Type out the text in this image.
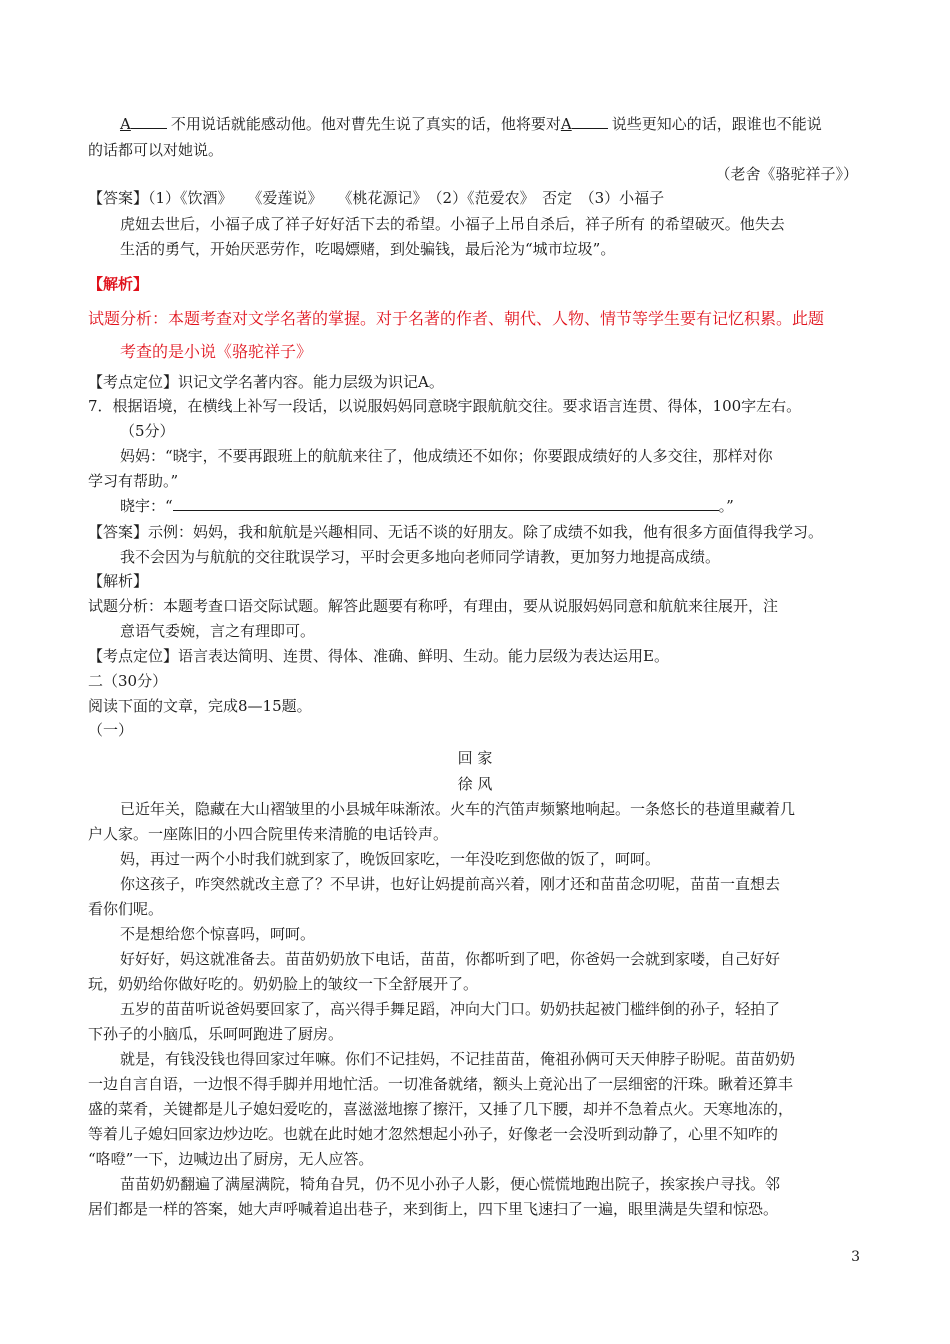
A	不用说话就能感动他。他对曹先生说了真实的话，他将要对A	说些更知心的话，跟谁也不能说
的话都可以对她说。
（老舍《骆驼祥子》）
【答案】（1）《饮酒》　　《爱莲说》　　《桃花源记》　（2）《范爱农》　否定　（3）小福子
虎妞去世后，小福子成了祥子好好活下去的希望。小福子上吊自杀后，祥子所有 的希望破灭。他失去
生活的勇气，开始厌恶劳作，吃喝嫖赌，到处骗钱，最后沦为“城市垃圾”。
【解析】
试题分析：本题考查对文学名著的掌握。对于名著的作者、朝代、人物、情节等学生要有记忆积累。此题
考查的是小说《骆驼祥子》
【考点定位】识记文学名著内容。能力层级为识记A。
7．根据语境，在横线上补写一段话，以说服妈妈同意晓宇跟航航交往。要求语言连贯、得体，100字左右。
（5分）
妈妈：“晓宇，不要再跟班上的航航来往了，他成绩还不如你；你要跟成绩好的人多交往，那样对你
学习有帮助。”
晓宇：“	。”
【答案】示例：妈妈，我和航航是兴趣相同、无话不谈的好朋友。除了成绩不如我，他有很多方面值得我学习。
我不会因为与航航的交往耽误学习，平时会更多地向老师同学请教，更加努力地提高成绩。
【解析】
试题分析：本题考查口语交际试题。解答此题要有称呼，有理由，要从说服妈妈同意和航航来往展开，注
意语气委婉，言之有理即可。
【考点定位】语言表达简明、连贯、得体、准确、鲜明、生动。能力层级为表达运用E。
二（30分）
阅读下面的文章，完成8—15题。
（一）
回 家
徐 风
已近年关，隐藏在大山褶皱里的小县城年味渐浓。火车的汽笛声频繁地响起。一条悠长的巷道里藏着几
户人家。一座陈旧的小四合院里传来清脆的电话铃声。
妈，再过一两个小时我们就到家了，晚饭回家吃，一年没吃到您做的饭了，呵呵。
你这孩子，咋突然就改主意了？不早讲，也好让妈提前高兴着，刚才还和苗苗念叨呢，苗苗一直想去
看你们呢。
不是想给您个惊喜吗，呵呵。
好好好，妈这就准备去。苗苗奶奶放下电话，苗苗，你都听到了吧，你爸妈一会就到家喽，自己好好
玩，奶奶给你做好吃的。奶奶脸上的皱纹一下全舒展开了。
五岁的苗苗听说爸妈要回家了，高兴得手舞足蹈，冲向大门口。奶奶扶起被门槛绊倒的孙子，轻拍了
下孙子的小脑瓜，乐呵呵跑进了厨房。
就是，有钱没钱也得回家过年嘛。你们不记挂妈，不记挂苗苗，俺祖孙俩可天天伸脖子盼呢。苗苗奶奶
一边自言自语，一边恨不得手脚并用地忙活。一切准备就绪，额头上竟沁出了一层细密的汗珠。瞅着还算丰
盛的菜肴，关键都是儿子媳妇爱吃的，喜滋滋地擦了擦汗，又捶了几下腰，却并不急着点火。天寒地冻的，
等着儿子媳妇回家边炒边吃。也就在此时她才忽然想起小孙子，好像老一会没听到动静了，心里不知咋的
“咯噔”一下，边喊边出了厨房，无人应答。
苗苗奶奶翻遍了满屋满院，犄角旮旯，仍不见小孙子人影，便心慌慌地跑出院子，挨家挨户寻找。邻
居们都是一样的答案，她大声呼喊着追出巷子，来到街上，四下里飞速扫了一遍，眼里满是失望和惊恐。
3
